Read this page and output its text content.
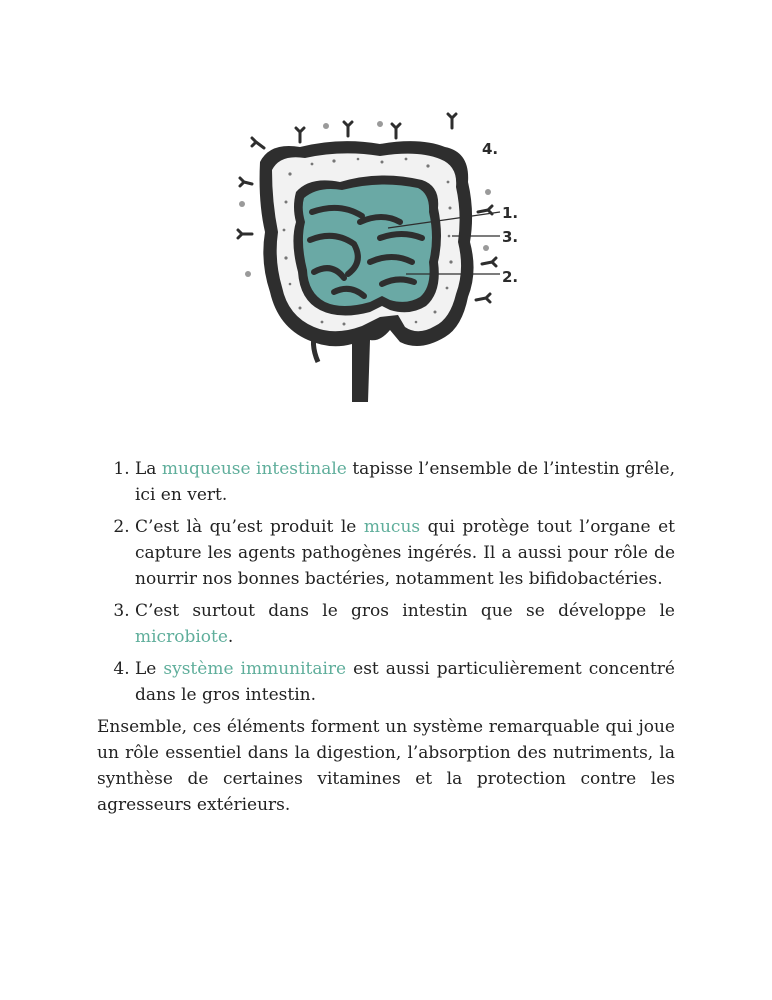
1.
2.
3.
4.
1. La muqueuse intestinale tapisse l’ensemble de l’intestin grêle, ici en vert.
2. C’est là qu’est produit le mucus qui protège tout l’organe et capture les agents pathogènes ingérés. Il a aussi pour rôle de nourrir nos bonnes bactéries, notamment les bifidobactéries.
3. C’est surtout dans le gros intestin que se développe le microbiote.
4. Le système immunitaire est aussi particulièrement concentré dans le gros intestin.

Ensemble, ces éléments forment un système remarquable qui joue un rôle essentiel dans la digestion, l’absorption des nutriments, la synthèse de certaines vitamines et la protection contre les agresseurs extérieurs.
